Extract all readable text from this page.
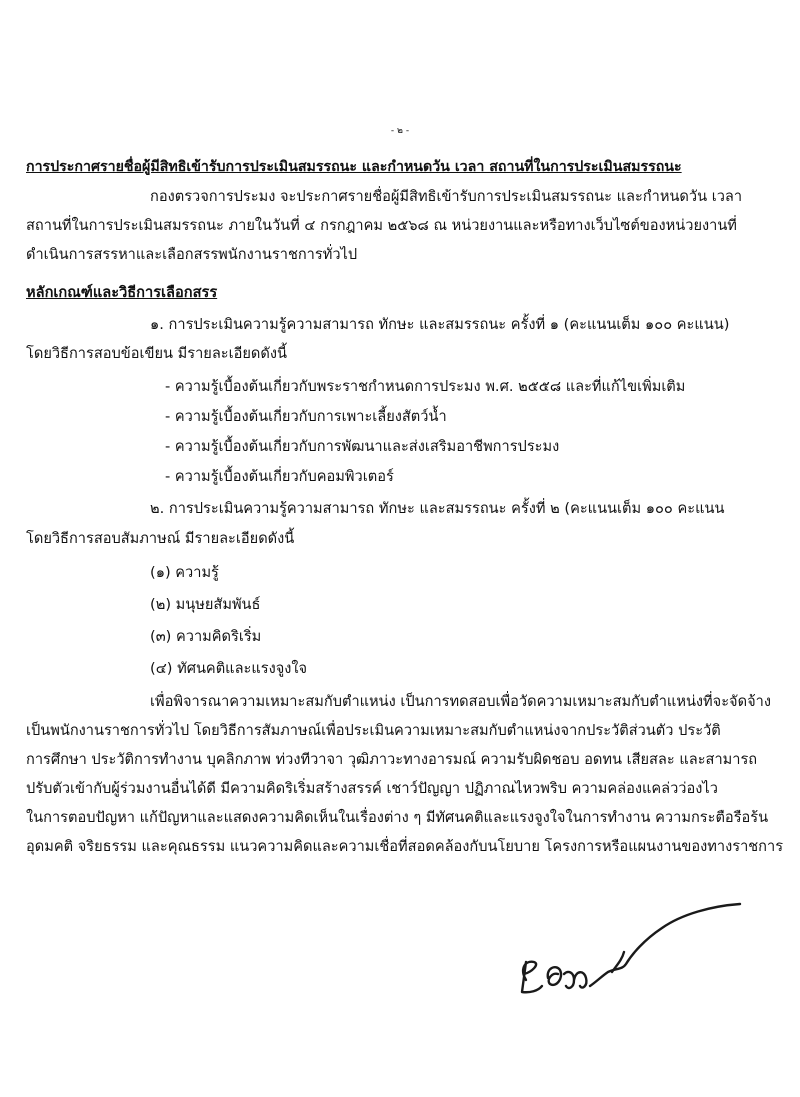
- ๒ -
การประกาศรายชื่อผู้มีสิทธิเข้ารับการประเมินสมรรถนะ และกำหนดวัน เวลา สถานที่ในการประเมินสมรรถนะ
กองตรวจการประมง จะประกาศรายชื่อผู้มีสิทธิเข้ารับการประเมินสมรรถนะ และกำหนดวัน เวลา
สถานที่ในการประเมินสมรรถนะ ภายในวันที่ ๔ กรกฎาคม ๒๕๖๘ ณ หน่วยงานและหรือทางเว็บไซต์ของหน่วยงานที่
ดำเนินการสรรหาและเลือกสรรพนักงานราชการทั่วไป
หลักเกณฑ์และวิธีการเลือกสรร
๑. การประเมินความรู้ความสามารถ ทักษะ และสมรรถนะ ครั้งที่ ๑ (คะแนนเต็ม ๑๐๐ คะแนน)
โดยวิธีการสอบข้อเขียน มีรายละเอียดดังนี้
- ความรู้เบื้องต้นเกี่ยวกับพระราชกำหนดการประมง พ.ศ. ๒๕๕๘ และที่แก้ไขเพิ่มเติม
- ความรู้เบื้องต้นเกี่ยวกับการเพาะเลี้ยงสัตว์น้ำ
- ความรู้เบื้องต้นเกี่ยวกับการพัฒนาและส่งเสริมอาชีพการประมง
- ความรู้เบื้องต้นเกี่ยวกับคอมพิวเตอร์
๒. การประเมินความรู้ความสามารถ ทักษะ และสมรรถนะ ครั้งที่ ๒ (คะแนนเต็ม ๑๐๐ คะแนน
โดยวิธีการสอบสัมภาษณ์ มีรายละเอียดดังนี้
(๑) ความรู้
(๒) มนุษยสัมพันธ์
(๓) ความคิดริเริ่ม
(๔) ทัศนคติและแรงจูงใจ
เพื่อพิจารณาความเหมาะสมกับตำแหน่ง เป็นการทดสอบเพื่อวัดความเหมาะสมกับตำแหน่งที่จะจัดจ้าง
เป็นพนักงานราชการทั่วไป โดยวิธีการสัมภาษณ์เพื่อประเมินความเหมาะสมกับตำแหน่งจากประวัติส่วนตัว ประวัติ
การศึกษา ประวัติการทำงาน บุคลิกภาพ ท่วงทีวาจา วุฒิภาวะทางอารมณ์ ความรับผิดชอบ อดทน เสียสละ และสามารถ
ปรับตัวเข้ากับผู้ร่วมงานอื่นได้ดี มีความคิดริเริ่มสร้างสรรค์ เชาว์ปัญญา ปฏิภาณไหวพริบ ความคล่องแคล่วว่องไว
ในการตอบปัญหา แก้ปัญหาและแสดงความคิดเห็นในเรื่องต่าง ๆ มีทัศนคติและแรงจูงใจในการทำงาน ความกระตือรือร้น
อุดมคติ จริยธรรม และคุณธรรม แนวความคิดและความเชื่อที่สอดคล้องกับนโยบาย โครงการหรือแผนงานของทางราชการ
